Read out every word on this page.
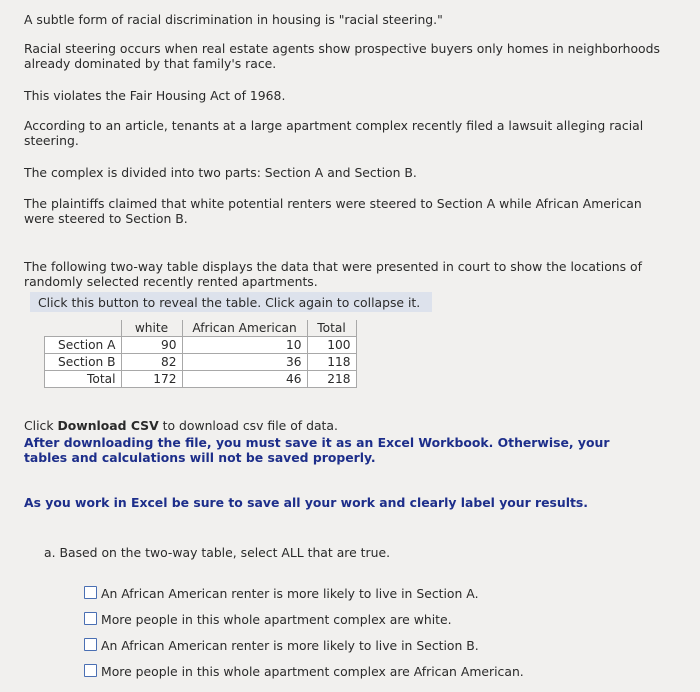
A subtle form of racial discrimination in housing is "racial steering."

Racial steering occurs when real estate agents show prospective buyers only homes in neighborhoods already dominated by that family's race.

This violates the Fair Housing Act of 1968.

According to an article, tenants at a large apartment complex recently filed a lawsuit alleging racial steering.

The complex is divided into two parts: Section A and Section B.

The plaintiffs claimed that white potential renters were steered to Section A while African American were steered to Section B.

The following two-way table displays the data that were presented in court to show the locations of randomly selected recently rented apartments.

Click this button to reveal the table. Click again to collapse it.
	white	African American	Total
Section A	90	10	100
Section B	82	36	118
Total	172	46	218

Click Download CSV to download csv file of data.

After downloading the file, you must save it as an Excel Workbook. Otherwise, your tables and calculations will not be saved properly.

As you work in Excel be sure to save all your work and clearly label your results.

a. Based on the two-way table, select ALL that are true.

An African American renter is more likely to live in Section A.
More people in this whole apartment complex are white.
An African American renter is more likely to live in Section B.
More people in this whole apartment complex are African American.
